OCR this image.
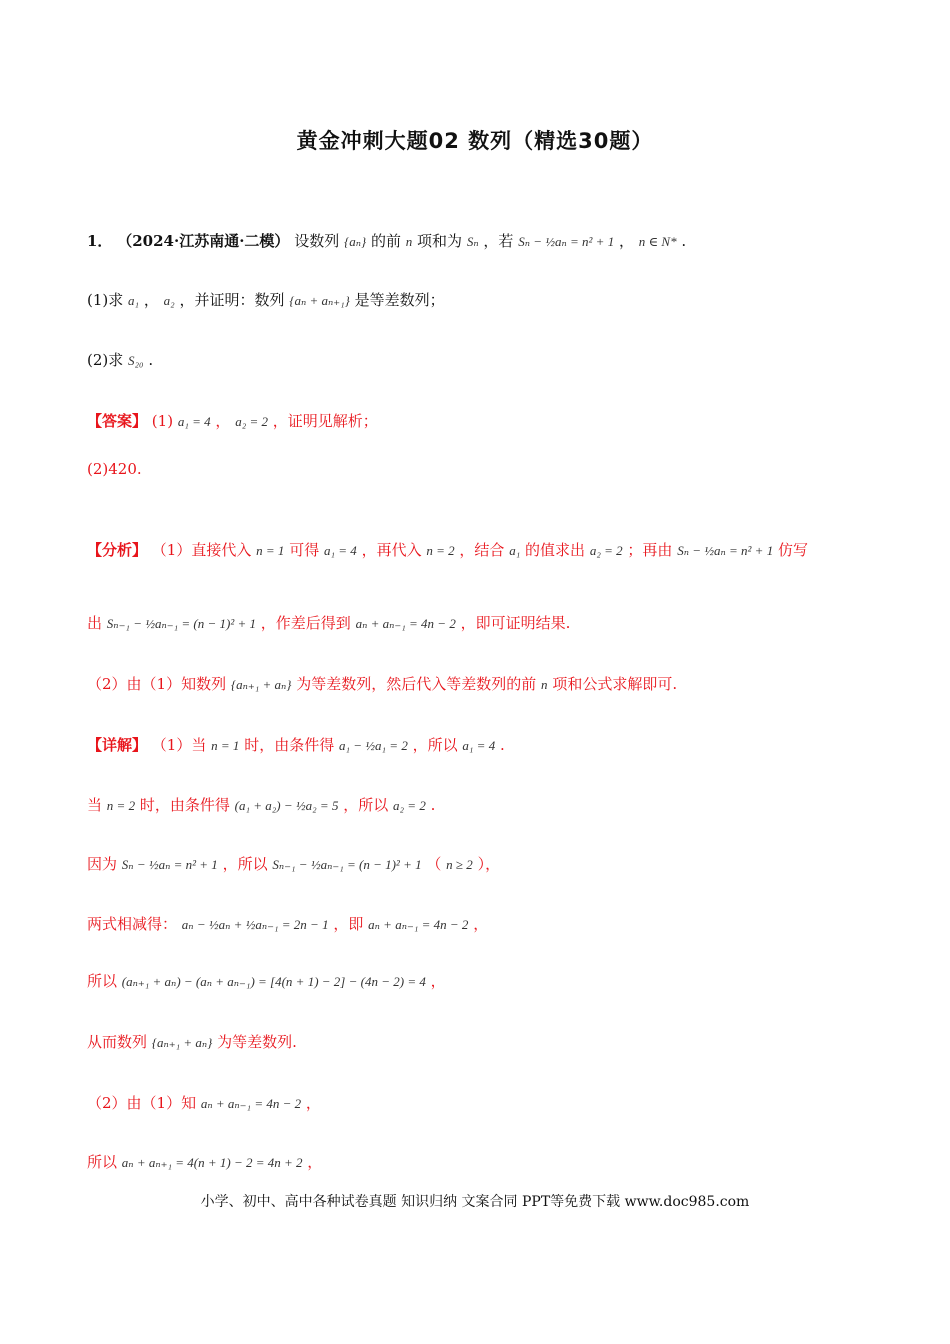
黄金冲刺大题02 数列（精选30题）
1． （2024·江苏南通·二模） 设数列 {aₙ} 的前 n 项和为 Sₙ ，若 Sₙ − ½aₙ = n² + 1 ， n ∈ N* .
(1)求 a₁ ， a₂ ，并证明：数列 {aₙ + aₙ₊₁} 是等差数列；
(2)求 S₂₀ .
【答案】 (1) a₁ = 4 ， a₂ = 2 ，证明见解析；
(2)420.
【分析】 （1）直接代入 n = 1 可得 a₁ = 4 ，再代入 n = 2 ，结合 a₁ 的值求出 a₂ = 2 ；再由 Sₙ − ½aₙ = n² + 1 仿写
出 Sₙ₋₁ − ½aₙ₋₁ = (n − 1)² + 1 ，作差后得到 aₙ + aₙ₋₁ = 4n − 2 ，即可证明结果.
（2）由（1）知数列 {aₙ₊₁ + aₙ} 为等差数列，然后代入等差数列的前 n 项和公式求解即可.
【详解】 （1）当 n = 1 时，由条件得 a₁ − ½a₁ = 2 ，所以 a₁ = 4 .
当 n = 2 时，由条件得 (a₁ + a₂) − ½a₂ = 5 ，所以 a₂ = 2 .
因为 Sₙ − ½aₙ = n² + 1 ，所以 Sₙ₋₁ − ½aₙ₋₁ = (n − 1)² + 1 （ n ≥ 2 ），
两式相减得： aₙ − ½aₙ + ½aₙ₋₁ = 2n − 1 ，即 aₙ + aₙ₋₁ = 4n − 2 ，
所以 (aₙ₊₁ + aₙ) − (aₙ + aₙ₋₁) = [4(n + 1) − 2] − (4n − 2) = 4 ，
从而数列 {aₙ₊₁ + aₙ} 为等差数列.
（2）由（1）知 aₙ + aₙ₋₁ = 4n − 2 ，
所以 aₙ + aₙ₊₁ = 4(n + 1) − 2 = 4n + 2 ，
小学、初中、高中各种试卷真题 知识归纳 文案合同 PPT等免费下载 www.doc985.com
